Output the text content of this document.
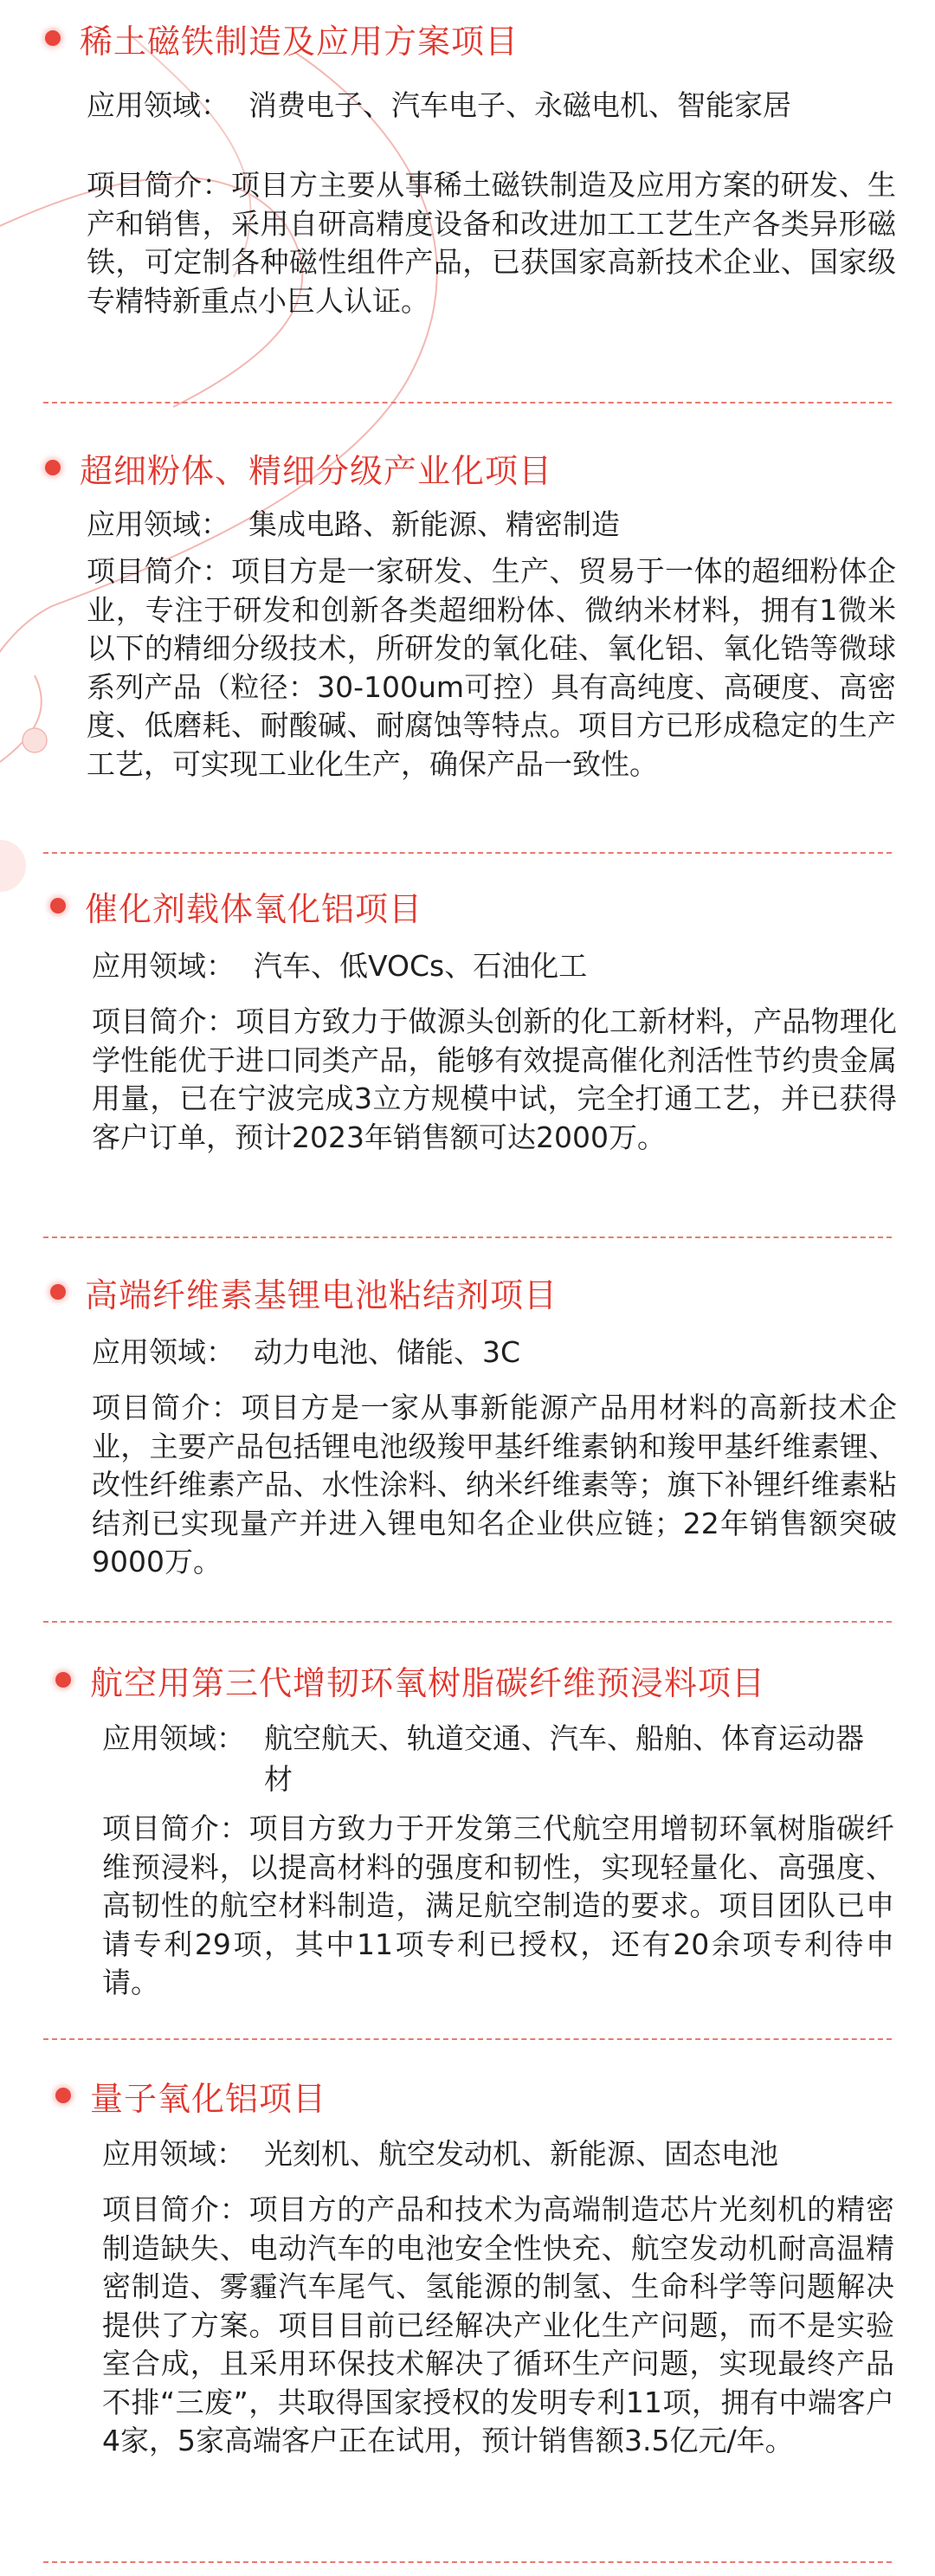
稀土磁铁制造及应用方案项目
应用领域： 消费电子、汽车电子、永磁电机、智能家居
项目简介：项目方主要从事稀土磁铁制造及应用方案的研发、生产和销售，采用自研高精度设备和改进加工工艺生产各类异形磁铁，可定制各种磁性组件产品，已获国家高新技术企业、国家级专精特新重点小巨人认证。
超细粉体、精细分级产业化项目
应用领域： 集成电路、新能源、精密制造
项目简介：项目方是一家研发、生产、贸易于一体的超细粉体企业，专注于研发和创新各类超细粉体、微纳米材料，拥有1微米以下的精细分级技术，所研发的氧化硅、氧化铝、氧化锆等微球系列产品（粒径：30-100um可控）具有高纯度、高硬度、高密度、低磨耗、耐酸碱、耐腐蚀等特点。项目方已形成稳定的生产工艺，可实现工业化生产，确保产品一致性。
催化剂载体氧化铝项目
应用领域： 汽车、低VOCs、石油化工
项目简介：项目方致力于做源头创新的化工新材料，产品物理化学性能优于进口同类产品，能够有效提高催化剂活性节约贵金属用量，已在宁波完成3立方规模中试，完全打通工艺，并已获得客户订单，预计2023年销售额可达2000万。
高端纤维素基锂电池粘结剂项目
应用领域： 动力电池、储能、3C
项目简介：项目方是一家从事新能源产品用材料的高新技术企业，主要产品包括锂电池级羧甲基纤维素钠和羧甲基纤维素锂、改性纤维素产品、水性涂料、纳米纤维素等；旗下补锂纤维素粘结剂已实现量产并进入锂电知名企业供应链；22年销售额突破9000万。
航空用第三代增韧环氧树脂碳纤维预浸料项目
应用领域： 航空航天、轨道交通、汽车、船舶、体育运动器材
项目简介：项目方致力于开发第三代航空用增韧环氧树脂碳纤维预浸料，以提高材料的强度和韧性，实现轻量化、高强度、高韧性的航空材料制造，满足航空制造的要求。项目团队已申请专利29项，其中11项专利已授权，还有20余项专利待申请。
量子氧化铝项目
应用领域： 光刻机、航空发动机、新能源、固态电池
项目简介：项目方的产品和技术为高端制造芯片光刻机的精密制造缺失、电动汽车的电池安全性快充、航空发动机耐高温精密制造、雾霾汽车尾气、氢能源的制氢、生命科学等问题解决提供了方案。项目目前已经解决产业化生产问题，而不是实验室合成，且采用环保技术解决了循环生产问题，实现最终产品不排“三废”，共取得国家授权的发明专利11项，拥有中端客户4家，5家高端客户正在试用，预计销售额3.5亿元/年。
